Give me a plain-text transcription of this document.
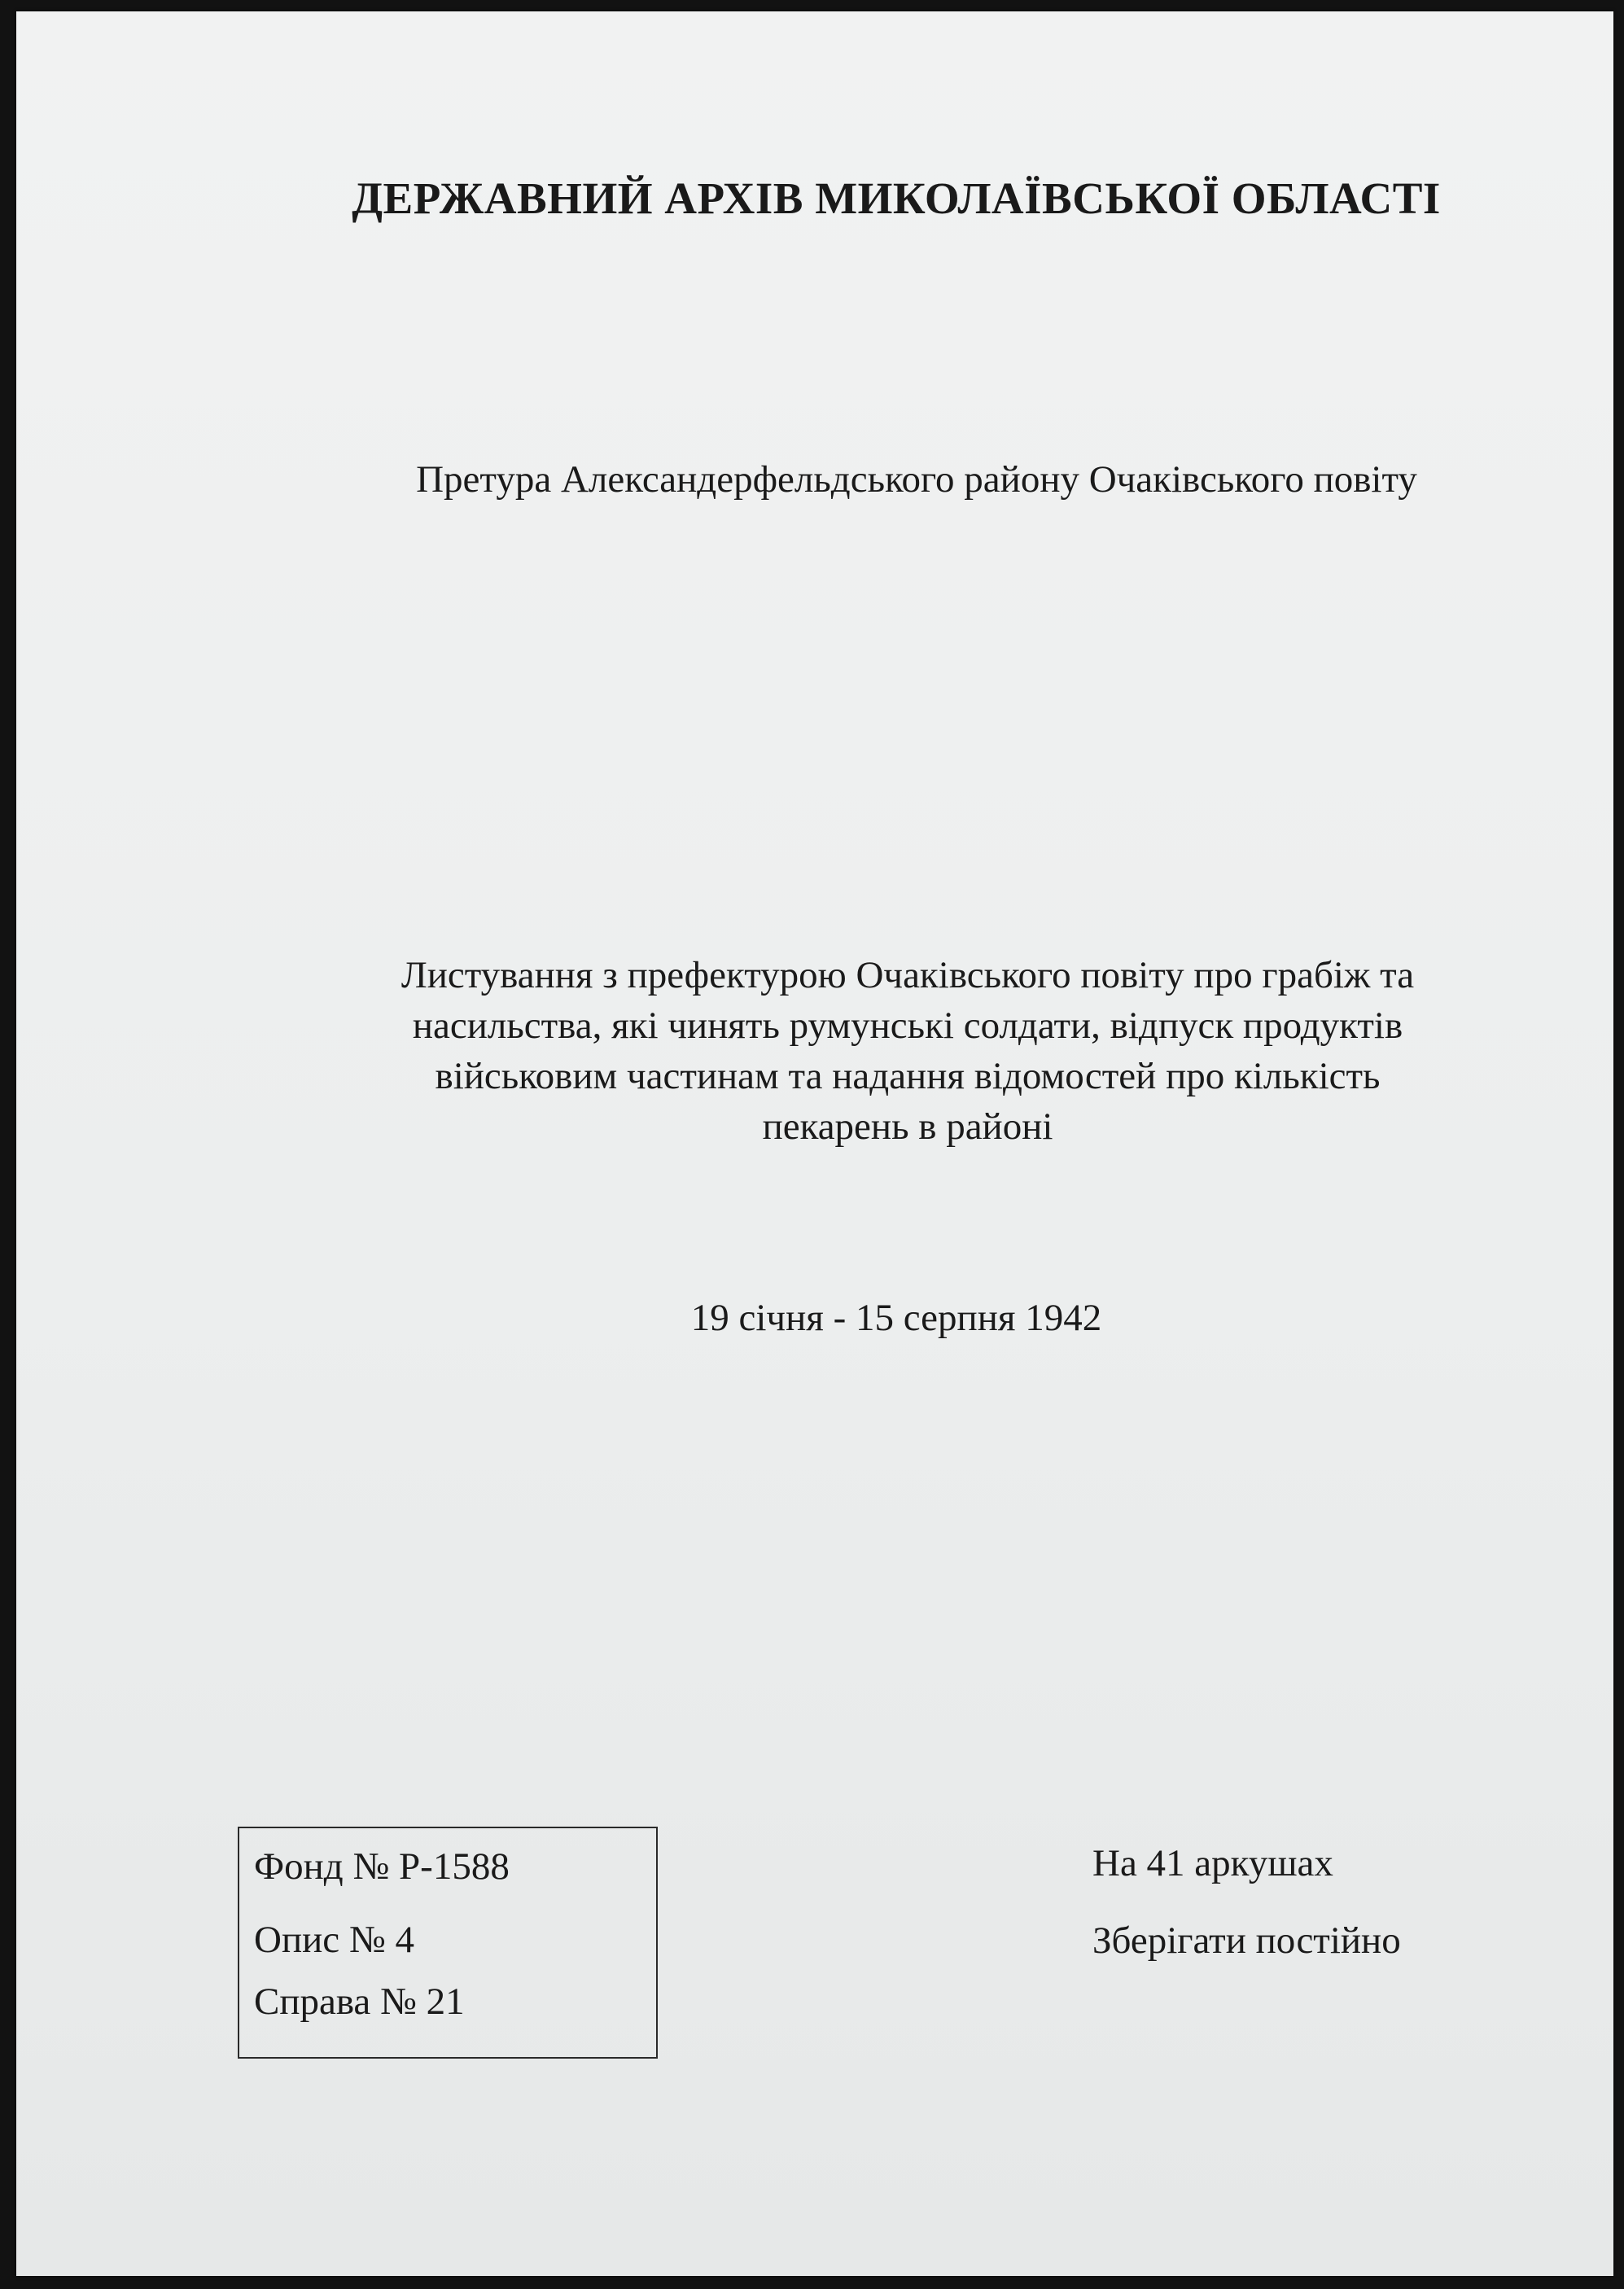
ДЕРЖАВНИЙ АРХІВ МИКОЛАЇВСЬКОЇ ОБЛАСТІ
Претура Александерфельдського району Очаківського повіту
Листування з префектурою Очаківського повіту про грабіж та
насильства, які чинять румунські солдати, відпуск продуктів
військовим частинам та надання відомостей про кількість
пекарень в районі
19 січня - 15 серпня 1942
Фонд № Р-1588
Опис № 4
Справа № 21
На 41 аркушах
Зберігати постійно
